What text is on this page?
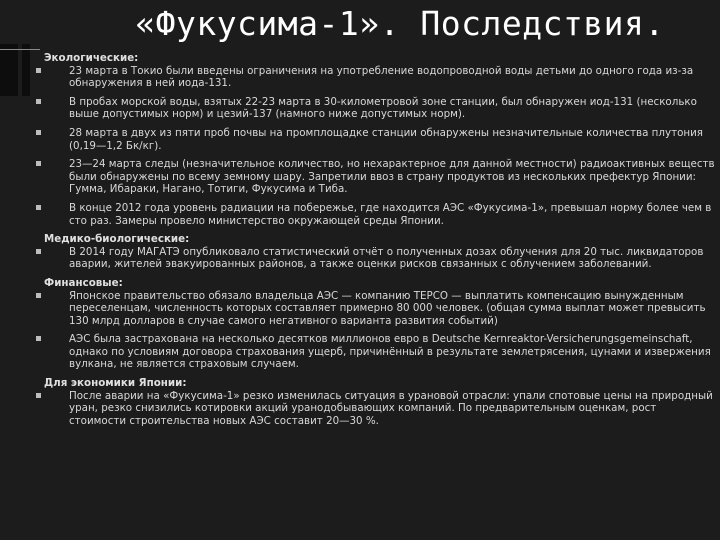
«Фукусима-1». Последствия.
Экологические:
23 марта в Токио были введены ограничения на употребление водопроводной воды детьми до одного года из-за обнаружения в ней иода-131.
В пробах морской воды, взятых 22-23 марта в 30-километровой зоне станции, был обнаружен иод-131 (несколько выше допустимых норм) и цезий-137 (намного ниже допустимых норм).
28 марта в двух из пяти проб почвы на промплощадке станции обнаружены незначительные количества плутония (0,19—1,2 Бк/кг).
23—24 марта следы (незначительное количество, но нехарактерное для данной местности) радиоактивных веществ были обнаружены по всему земному шару. Запретили ввоз в страну продуктов из нескольких префектур Японии: Гумма, Ибараки, Нагано, Тотиги, Фукусима и Тиба.
В конце 2012 года уровень радиации на побережье, где находится АЭС «Фукусима-1», превышал норму более чем в сто раз. Замеры провело министерство окружающей среды Японии.
Медико-биологические:
В 2014 году МАГАТЭ опубликовало статистический отчёт о полученных дозах облучения для 20 тыс. ликвидаторов аварии, жителей эвакуированных районов, а также оценки рисков связанных с облучением заболеваний.
Финансовые:
Японское правительство обязало владельца АЭС — компанию TEPCO — выплатить компенсацию вынужденным переселенцам, численность которых составляет примерно 80 000 человек. (общая сумма выплат может превысить 130 млрд долларов в случае самого негативного варианта развития событий)
АЭС была застрахована на несколько десятков миллионов евро в Deutsche Kernreaktor-Versicherungsgemeinschaft, однако по условиям договора страхования ущерб, причинённый в результате землетрясения, цунами и извержения вулкана, не является страховым случаем.
Для экономики Японии:
После аварии на «Фукусима-1» резко изменилась ситуация в урановой отрасли: упали спотовые цены на природный уран, резко снизились котировки акций уранодобывающих компаний. По предварительным оценкам, рост стоимости строительства новых АЭС составит 20—30 %.
